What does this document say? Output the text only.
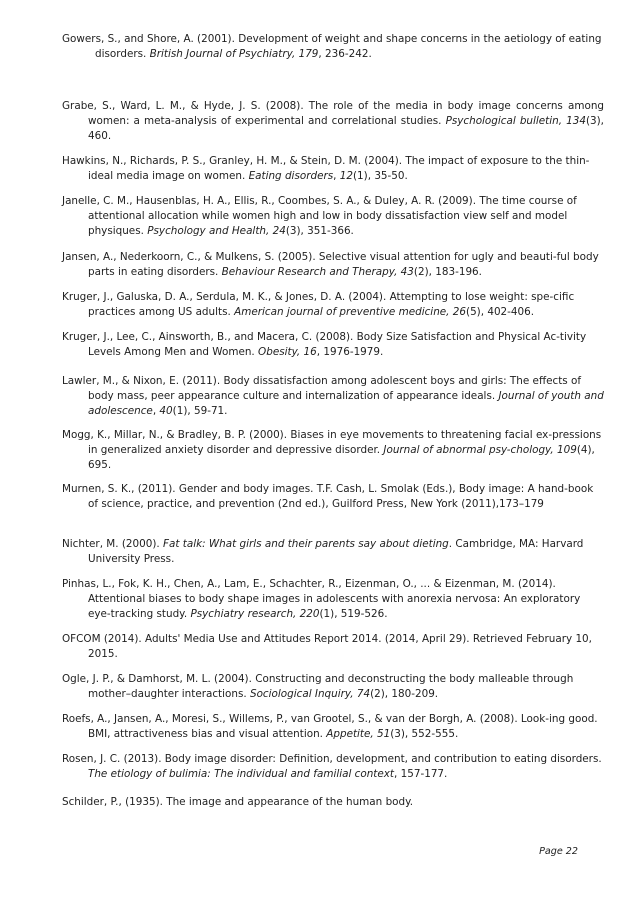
Gowers, S., and Shore, A. (2001). Development of weight and shape concerns in the aetiology of eating disorders. British Journal of Psychiatry, 179, 236-242.

Grabe, S., Ward, L. M., & Hyde, J. S. (2008). The role of the media in body image concerns among women: a meta-analysis of experimental and correlational studies. Psychological bulletin, 134(3), 460.

Hawkins, N., Richards, P. S., Granley, H. M., & Stein, D. M. (2004). The impact of exposure to the thin-ideal media image on women. Eating disorders, 12(1), 35-50.

Janelle, C. M., Hausenblas, H. A., Ellis, R., Coombes, S. A., & Duley, A. R. (2009). The time course of attentional allocation while women high and low in body dissatisfaction view self and model physiques. Psychology and Health, 24(3), 351-366.

Jansen, A., Nederkoorn, C., & Mulkens, S. (2005). Selective visual attention for ugly and beauti-ful body parts in eating disorders. Behaviour Research and Therapy, 43(2), 183-196.

Kruger, J., Galuska, D. A., Serdula, M. K., & Jones, D. A. (2004). Attempting to lose weight: spe-cific practices among US adults. American journal of preventive medicine, 26(5), 402-406.

Kruger, J., Lee, C., Ainsworth, B., and Macera, C. (2008). Body Size Satisfaction and Physical Ac-tivity Levels Among Men and Women. Obesity, 16, 1976-1979.

Lawler, M., & Nixon, E. (2011). Body dissatisfaction among adolescent boys and girls: The effects of body mass, peer appearance culture and internalization of appearance ideals. Journal of youth and adolescence, 40(1), 59-71.

Mogg, K., Millar, N., & Bradley, B. P. (2000). Biases in eye movements to threatening facial ex-pressions in generalized anxiety disorder and depressive disorder. Journal of abnormal psy-chology, 109(4), 695.

Murnen, S. K., (2011). Gender and body images. T.F. Cash, L. Smolak (Eds.), Body image: A hand-book of science, practice, and prevention (2nd ed.), Guilford Press, New York (2011),173–179

Nichter, M. (2000). Fat talk: What girls and their parents say about dieting. Cambridge, MA: Harvard University Press.

Pinhas, L., Fok, K. H., Chen, A., Lam, E., Schachter, R., Eizenman, O., ... & Eizenman, M. (2014). Attentional biases to body shape images in adolescents with anorexia nervosa: An exploratory eye-tracking study. Psychiatry research, 220(1), 519-526.

OFCOM (2014). Adults' Media Use and Attitudes Report 2014. (2014, April 29). Retrieved February 10, 2015.

Ogle, J. P., & Damhorst, M. L. (2004). Constructing and deconstructing the body malleable through mother–daughter interactions. Sociological Inquiry, 74(2), 180-209.

Roefs, A., Jansen, A., Moresi, S., Willems, P., van Grootel, S., & van der Borgh, A. (2008). Look-ing good. BMI, attractiveness bias and visual attention. Appetite, 51(3), 552-555.

Rosen, J. C. (2013). Body image disorder: Definition, development, and contribution to eating disorders. The etiology of bulimia: The individual and familial context, 157-177.

Schilder, P., (1935). The image and appearance of the human body.

Page 22
